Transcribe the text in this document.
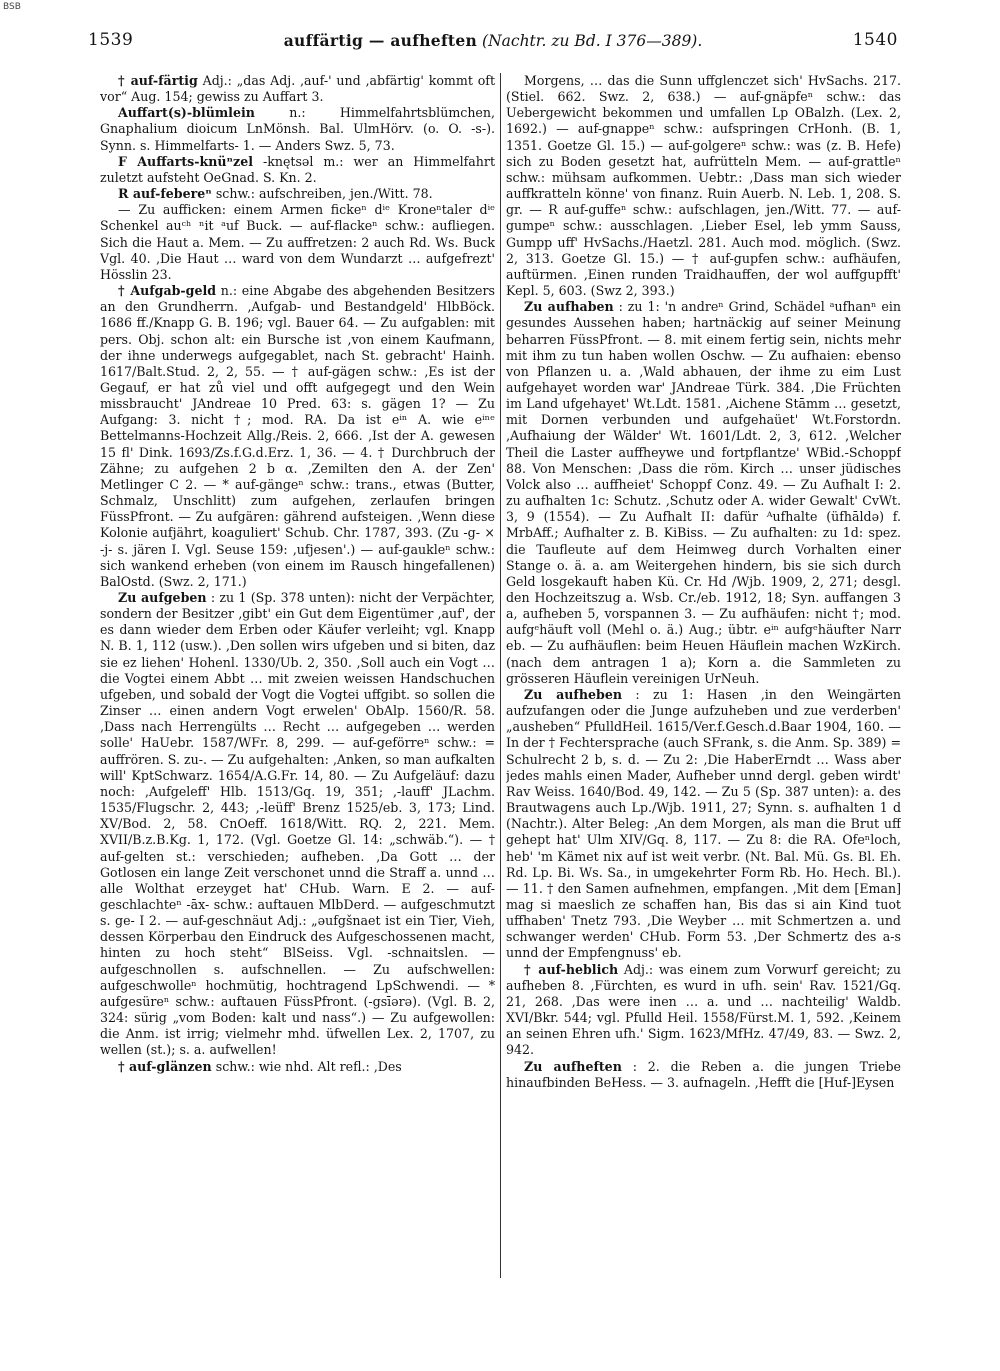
BSB
1539	auffärtig — aufheften (Nachtr. zu Bd. I 376—389).	1540

† auf-färtig Adj.: „das Adj. ‚auf-' und ‚abfärtig' kommt oft vor“ Aug. 154; gewiss zu Auffart 3.

Auffart(s)-blümlein	n.: Himmelfahrtsblümchen, Gnaphalium dioicum LnMönsh. Bal. UlmHörv. (o. O. -s-). Synn. s. Himmelfarts- 1. — Anders Swz. 5, 73.

F Auffarts-knüⁿzel -knętsəl m.: wer an Himmelfahrt zuletzt aufsteht OeGnad. S. Kn. 2.

R auf-febereⁿ schw.: aufschreiben, jen./Witt. 78.

— Zu aufficken: einem Armen fickeⁿ dⁱᵉ Kroneⁿtaler dⁱᵉ Schenkel auᶜʰ ⁿit ᵃuf Buck. — auf-flackeⁿ schw.: aufliegen. Sich die Haut a. Mem. — Zu auffretzen: 2 auch Rd. Ws. Buck Vgl. 40. ‚Die Haut … ward von dem Wundarzt … aufgefrezt' Hösslin 23.

† Aufgab-geld n.: eine Abgabe des abgehenden Besitzers an den Grundherrn. ‚Aufgab- und Bestandgeld' HlbBöck. 1686 ff./Knapp G. B. 196; vgl. Bauer 64. — Zu aufgablen: mit pers. Obj. schon alt: ein Bursche ist ‚von einem Kaufmann, der ihne underwegs aufgegablet, nach St. gebracht' Hainh. 1617/Balt.Stud. 2, 2, 55. — † auf-gägen schw.: ‚Es ist der Gegauf, er hat zů viel und offt aufgegegt und den Wein missbraucht' JAndreae 10 Pred. 63: s. gägen 1? — Zu Aufgang: 3. nicht †; mod. RA. Da ist eⁱⁿ A. wie eⁱⁿᵉ Bettelmanns-Hochzeit Allg./Reis. 2, 666. ‚Ist der A. gewesen 15 fl' Dink. 1693/Zs.f.G.d.Erz. 1, 36. — 4. † Durchbruch der Zähne; zu aufgehen 2 b α. ‚Zemilten den A. der Zen' Metlinger C 2. — * auf-gängeⁿ schw.: trans., etwas (Butter, Schmalz, Unschlitt) zum aufgehen, zerlaufen bringen FüssPfront. — Zu aufgären: gährend aufsteigen. ‚Wenn diese Kolonie aufjährt, koaguliert' Schub. Chr. 1787, 393. (Zu -g- × -j- s. jären I. Vgl. Seuse 159: ‚ufjesen'.) — auf-gaukleⁿ schw.: sich wankend erheben (von einem im Rausch hingefallenen) BalOstd. (Swz. 2, 171.)

Zu aufgeben : zu 1 (Sp. 378 unten): nicht der Verpächter, sondern der Besitzer ‚gibt' ein Gut dem Eigentümer ‚auf', der es dann wieder dem Erben oder Käufer verleiht; vgl. Knapp N. B. 1, 112 (usw.). ‚Den sollen wirs ufgeben und si biten, daz sie ez liehen' Hohenl. 1330/Ub. 2, 350. ‚Soll auch ein Vogt … die Vogtei einem Abbt … mit zweien weissen Handschuchen ufgeben, und sobald der Vogt die Vogtei uffgibt. so sollen die Zinser … einen andern Vogt erwelen' ObAlp. 1560/R. 58. ‚Dass nach Herrengülts … Recht … aufgegeben … werden solle' HaUebr. 1587/WFr. 8, 299. — auf-geförreⁿ schw.: = auffrören. S. zu-. — Zu aufgehalten: ‚Anken, so man aufkalten will' KptSchwarz. 1654/A.G.Fr. 14, 80. — Zu Aufgeläuf: dazu noch: ‚Aufgeleff' Hlb. 1513/Gq. 19, 351; ‚-lauff' JLachm. 1535/Flugschr. 2, 443; ‚-leüff' Brenz 1525/eb. 3, 173; Lind. XV/Bod. 2, 58. CnOeff. 1618/Witt. RQ. 2, 221. Mem. XVII/B.z.B.Kg. 1, 172. (Vgl. Goetze Gl. 14: „schwäb.“). — † auf-gelten st.: verschieden; aufheben. ‚Da Gott … der Gotlosen ein lange Zeit verschonet unnd die Straff a. unnd … alle Wolthat erzeyget hat' CHub. Warn. E 2. — auf-geschlachteⁿ -āx- schw.: auftauen MlbDerd. — aufgeschmutzt s. ge- I 2. — auf-geschnäut Adj.: „əufgšnaet ist ein Tier, Vieh, dessen Körperbau den Eindruck des Aufgeschossenen macht, hinten zu hoch steht“ BlSeiss. Vgl. -schnaitslen. — aufgeschnollen s. aufschnellen. — Zu aufschwellen: aufgeschwolleⁿ hochmütig, hochtragend LpSchwendi. — * aufgesüreⁿ schw.: auftauen FüssPfront. (-gsīərə). (Vgl. B. 2, 324: sürig „vom Boden: kalt und nass“.) — Zu aufgewollen: die Anm. ist irrig; vielmehr mhd. üfwellen Lex. 2, 1707, zu wellen (st.); s. a. aufwellen!

† auf-glänzen schw.: wie nhd. Alt refl.: ‚Des

Morgens, … das die Sunn uffglenczet sich' HvSachs. 217. (Stiel. 662. Swz. 2, 638.) — auf-gnäpfeⁿ schw.: das Uebergewicht bekommen und umfallen Lp OBalzh. (Lex. 2, 1692.) — auf-gnappeⁿ schw.: aufspringen CrHonh. (B. 1, 1351. Goetze Gl. 15.) — auf-golgereⁿ schw.: was (z. B. Hefe) sich zu Boden gesetzt hat, aufrütteln Mem. — auf-grattleⁿ schw.: mühsam aufkommen. Uebtr.: ‚Dass man sich wieder auffkratteln könne' von finanz. Ruin Auerb. N. Leb. 1, 208. S. gr. — R auf-guffeⁿ schw.: aufschlagen, jen./Witt. 77. — auf-gumpeⁿ schw.: ausschlagen. ‚Lieber Esel, leb ymm Sauss, Gumpp uff' HvSachs./Haetzl. 281. Auch mod. möglich. (Swz. 2, 313. Goetze Gl. 15.) — † auf-gupfen schw.: aufhäufen, auftürmen. ‚Einen runden Traidhauffen, der wol auffgupfft' Kepl. 5, 603. (Swz 2, 393.)

Zu aufhaben : zu 1: 'n andreⁿ Grind, Schädel ᵃufhanⁿ ein gesundes Aussehen haben; hartnäckig auf seiner Meinung beharren FüssPfront. — 8. mit einem fertig sein, nichts mehr mit ihm zu tun haben wollen Oschw. — Zu aufhaien: ebenso von Pflanzen u. a. ‚Wald abhauen, der ihme zu eim Lust aufgehayet worden war' JAndreae Türk. 384. ‚Die Früchten im Land ufgehayet' Wt.Ldt. 1581. ‚Aichene Stāmm … gesetzt, mit Dornen verbunden und aufgehaüet' Wt.Forstordn. ‚Aufhaiung der Wälder' Wt. 1601/Ldt. 2, 3, 612. ‚Welcher Theil die Laster auffheywe und fortpflantze' WBid.-Schoppf 88. Von Menschen: ‚Dass die röm. Kirch … unser jüdisches Volck also … auffheiet' Schoppf Conz. 49. — Zu Aufhalt I: 2. zu aufhalten 1c: Schutz. ‚Schutz oder A. wider Gewalt' CvWt. 3, 9 (1554). — Zu Aufhalt II: dafür ᴬufhalte (üfhāldə) f. MrbAff.; Aufhalter z. B. KiBiss. — Zu aufhalten: zu 1d: spez. die Taufleute auf dem Heimweg durch Vorhalten einer Stange o. ä. a. am Weitergehen hindern, bis sie sich durch Geld losgekauft haben Kü. Cr. Hd /Wjb. 1909, 2, 271; desgl. den Hochzeitszug a. Wsb. Cr./eb. 1912, 18; Syn. auffangen 3 a, aufheben 5, vorspannen 3. — Zu aufhäufen: nicht †; mod. aufgᵉhäuft voll (Mehl o. ä.) Aug.; übtr. eⁱⁿ aufgᵉhäufter Narr eb. — Zu aufhäuflen: beim Heuen Häuflein machen WzKirch. (nach dem antragen 1 a); Korn a. die Sammleten zu grösseren Häuflein vereinigen UrNeuh.

Zu aufheben : zu 1: Hasen ‚in den Weingärten aufzufangen oder die Junge aufzuheben und zue verderben' „ausheben“ PfulldHeil. 1615/Ver.f.Gesch.d.Baar 1904, 160. — In der † Fechtersprache (auch SFrank, s. die Anm. Sp. 389) = Schulrecht 2 b, s. d. — Zu 2: ‚Die HaberErndt … Wass aber jedes mahls einen Mader, Aufheber unnd dergl. geben wirdt' Rav Weiss. 1640/Bod. 49, 142. — Zu 5 (Sp. 387 unten): a. des Brautwagens auch Lp./Wjb. 1911, 27; Synn. s. aufhalten 1 d (Nachtr.). Alter Beleg: ‚An dem Morgen, als man die Brut uff gehept hat' Ulm XIV/Gq. 8, 117. — Zu 8: die RA. Ofeⁿloch, heb' 'm Kämet nix auf ist weit verbr. (Nt. Bal. Mü. Gs. Bl. Eh. Rd. Lp. Bi. Ws. Sa., in umgekehrter Form Rb. Ho. Hech. Bl.). — 11. † den Samen aufnehmen, empfangen. ‚Mit dem [Eman] mag si maeslich ze schaffen han, Bis das si ain Kind tuot uffhaben' Tnetz 793. ‚Die Weyber … mit Schmertzen a. und schwanger werden' CHub. Form 53. ‚Der Schmertz des a-s unnd der Empfengnuss' eb.

† auf-heblich Adj.: was einem zum Vorwurf gereicht; zu aufheben 8. ‚Fürchten, es wurd in ufh. sein' Rav. 1521/Gq. 21, 268. ‚Das were inen … a. und … nachteilig' Waldb. XVI/Bkr. 544; vgl. Pfulld Heil. 1558/Fürst.M. 1, 592. ‚Keinem an seinen Ehren ufh.' Sigm. 1623/MfHz. 47/49, 83. — Swz. 2, 942.

Zu aufheften : 2. die Reben a. die jungen Triebe hinaufbinden BeHess. — 3. aufnageln. ‚Hefft die [Huf-]Eysen
